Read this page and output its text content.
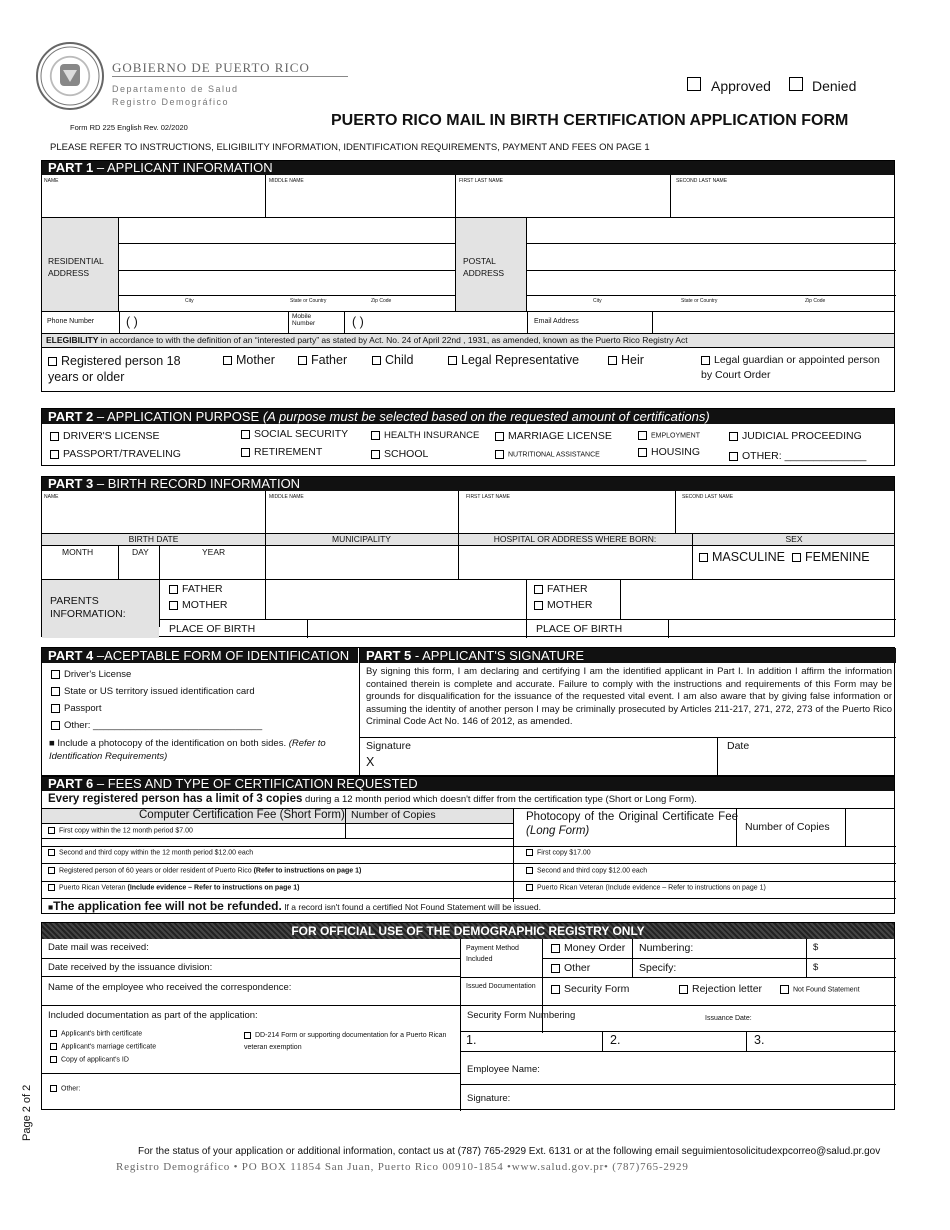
GOBIERNO DE PUERTO RICO
Departamento de Salud
Registro Demográfico
Form RD 225 English Rev. 02/2020
Approved	Denied
PUERTO RICO MAIL IN BIRTH CERTIFICATION APPLICATION FORM
PLEASE REFER TO INSTRUCTIONS, ELIGIBILITY INFORMATION, IDENTIFICATION REQUIREMENTS, PAYMENT AND FEES ON PAGE 1
PART 1 – APPLICANT INFORMATION
NAME	MIDDLE NAME	FIRST LAST NAME	SECOND LAST NAME
RESIDENTIAL ADDRESS
City	State or Country	Zip Code
POSTAL ADDRESS
City	State or Country	Zip Code
Phone Number	( )	Mobile Number	( )	Email Address
ELEGIBILITY in accordance to with the definition of an “interested party” as stated by Act. No. 24 of April 22nd , 1931, as amended, known as the Puerto Rico Registry Act
Registered person 18 years or older
Mother	Father	Child	Legal Representative	Heir	Legal guardian or appointed person by Court Order
PART 2 – APPLICATION PURPOSE (A purpose must be selected based on the requested amount of certifications)
DRIVER'S LICENSE	SOCIAL SECURITY	HEALTH INSURANCE	MARRIAGE LICENSE	EMPLOYMENT	JUDICIAL PROCEEDING
PASSPORT/TRAVELING	RETIREMENT	SCHOOL	NUTRITIONAL ASSISTANCE	HOUSING	OTHER: ______________
PART 3 – BIRTH RECORD INFORMATION
NAME	MIDDLE NAME	FIRST LAST NAME	SECOND LAST NAME
BIRTH DATE	MUNICIPALITY	HOSPITAL OR ADDRESS WHERE BORN:	SEX
MONTH	DAY	YEAR	MASCULINE	FEMENINE
PARENTS INFORMATION:
FATHER
MOTHER
PLACE OF BIRTH
FATHER
MOTHER
PLACE OF BIRTH
PART 4 –ACEPTABLE FORM OF IDENTIFICATION	PART 5 - APPLICANT'S SIGNATURE
Driver's License
State or US territory issued identification card
Passport
Other: ________________________________
■ Include a photocopy of the identification on both sides. (Refer to Identification Requirements)
By signing this form, I am declaring and certifying I am the identified applicant in Part I. In addition I affirm the information contained therein is complete and accurate. Failure to comply with the instructions and requirements of this Form may be grounds for disqualification for the issuance of the requested vital event. I am also aware that by giving false information or assuming the identity of another person I may be criminally prosecuted by Articles 211-217, 271, 272, 273 of the Puerto Rico Criminal Code Act No. 146 of 2012, as amended.
Signature
X
Date
PART 6 – FEES AND TYPE OF CERTIFICATION REQUESTED
Every registered person has a limit of 3 copies during a 12 month period which doesn't differ from the certification type (Short or Long Form).
Computer Certification Fee (Short Form) Number of Copies	Photocopy of the Original Certificate Fee (Long Form)	Number of Copies
First copy within the 12 month period $7.00
Second and third copy within the 12 month period $12.00 each	First copy $17.00
Registered person of 60 years or older resident of Puerto Rico (Refer to instructions on page 1)	Second and third copy $12.00 each
Puerto Rican Veteran (Include evidence – Refer to instructions on page 1)	Puerto Rican Veteran (Include evidence – Refer to instructions on page 1)
■The application fee will not be refunded. If a record isn't found a certified Not Found Statement will be issued.
FOR OFFICIAL USE OF THE DEMOGRAPHIC REGISTRY ONLY
Date mail was received:
Date received by the issuance division:
Name of the employee who received the correspondence:
Included documentation as part of the application:
Applicant's birth certificate
Applicant's marriage certificate
Copy of applicant's ID
DD-214 Form or supporting documentation for a Puerto Rican veteran exemption
Other:
Payment Method Included
Money Order Numbering:	$
Other	Specify:	$
Issued Documentation	Security Form	Rejection letter	Not Found Statement
Security Form Numbering	Issuance Date:
1.	2.	3.
Employee Name:
Signature:
Page 2 of 2
For the status of your application or additional information, contact us at (787) 765-2929 Ext. 6131 or at the following email seguimientosolicitudexpcorreo@salud.pr.gov
Registro Demográfico • PO BOX 11854 San Juan, Puerto Rico 00910-1854 •www.salud.gov.pr• (787)765-2929
